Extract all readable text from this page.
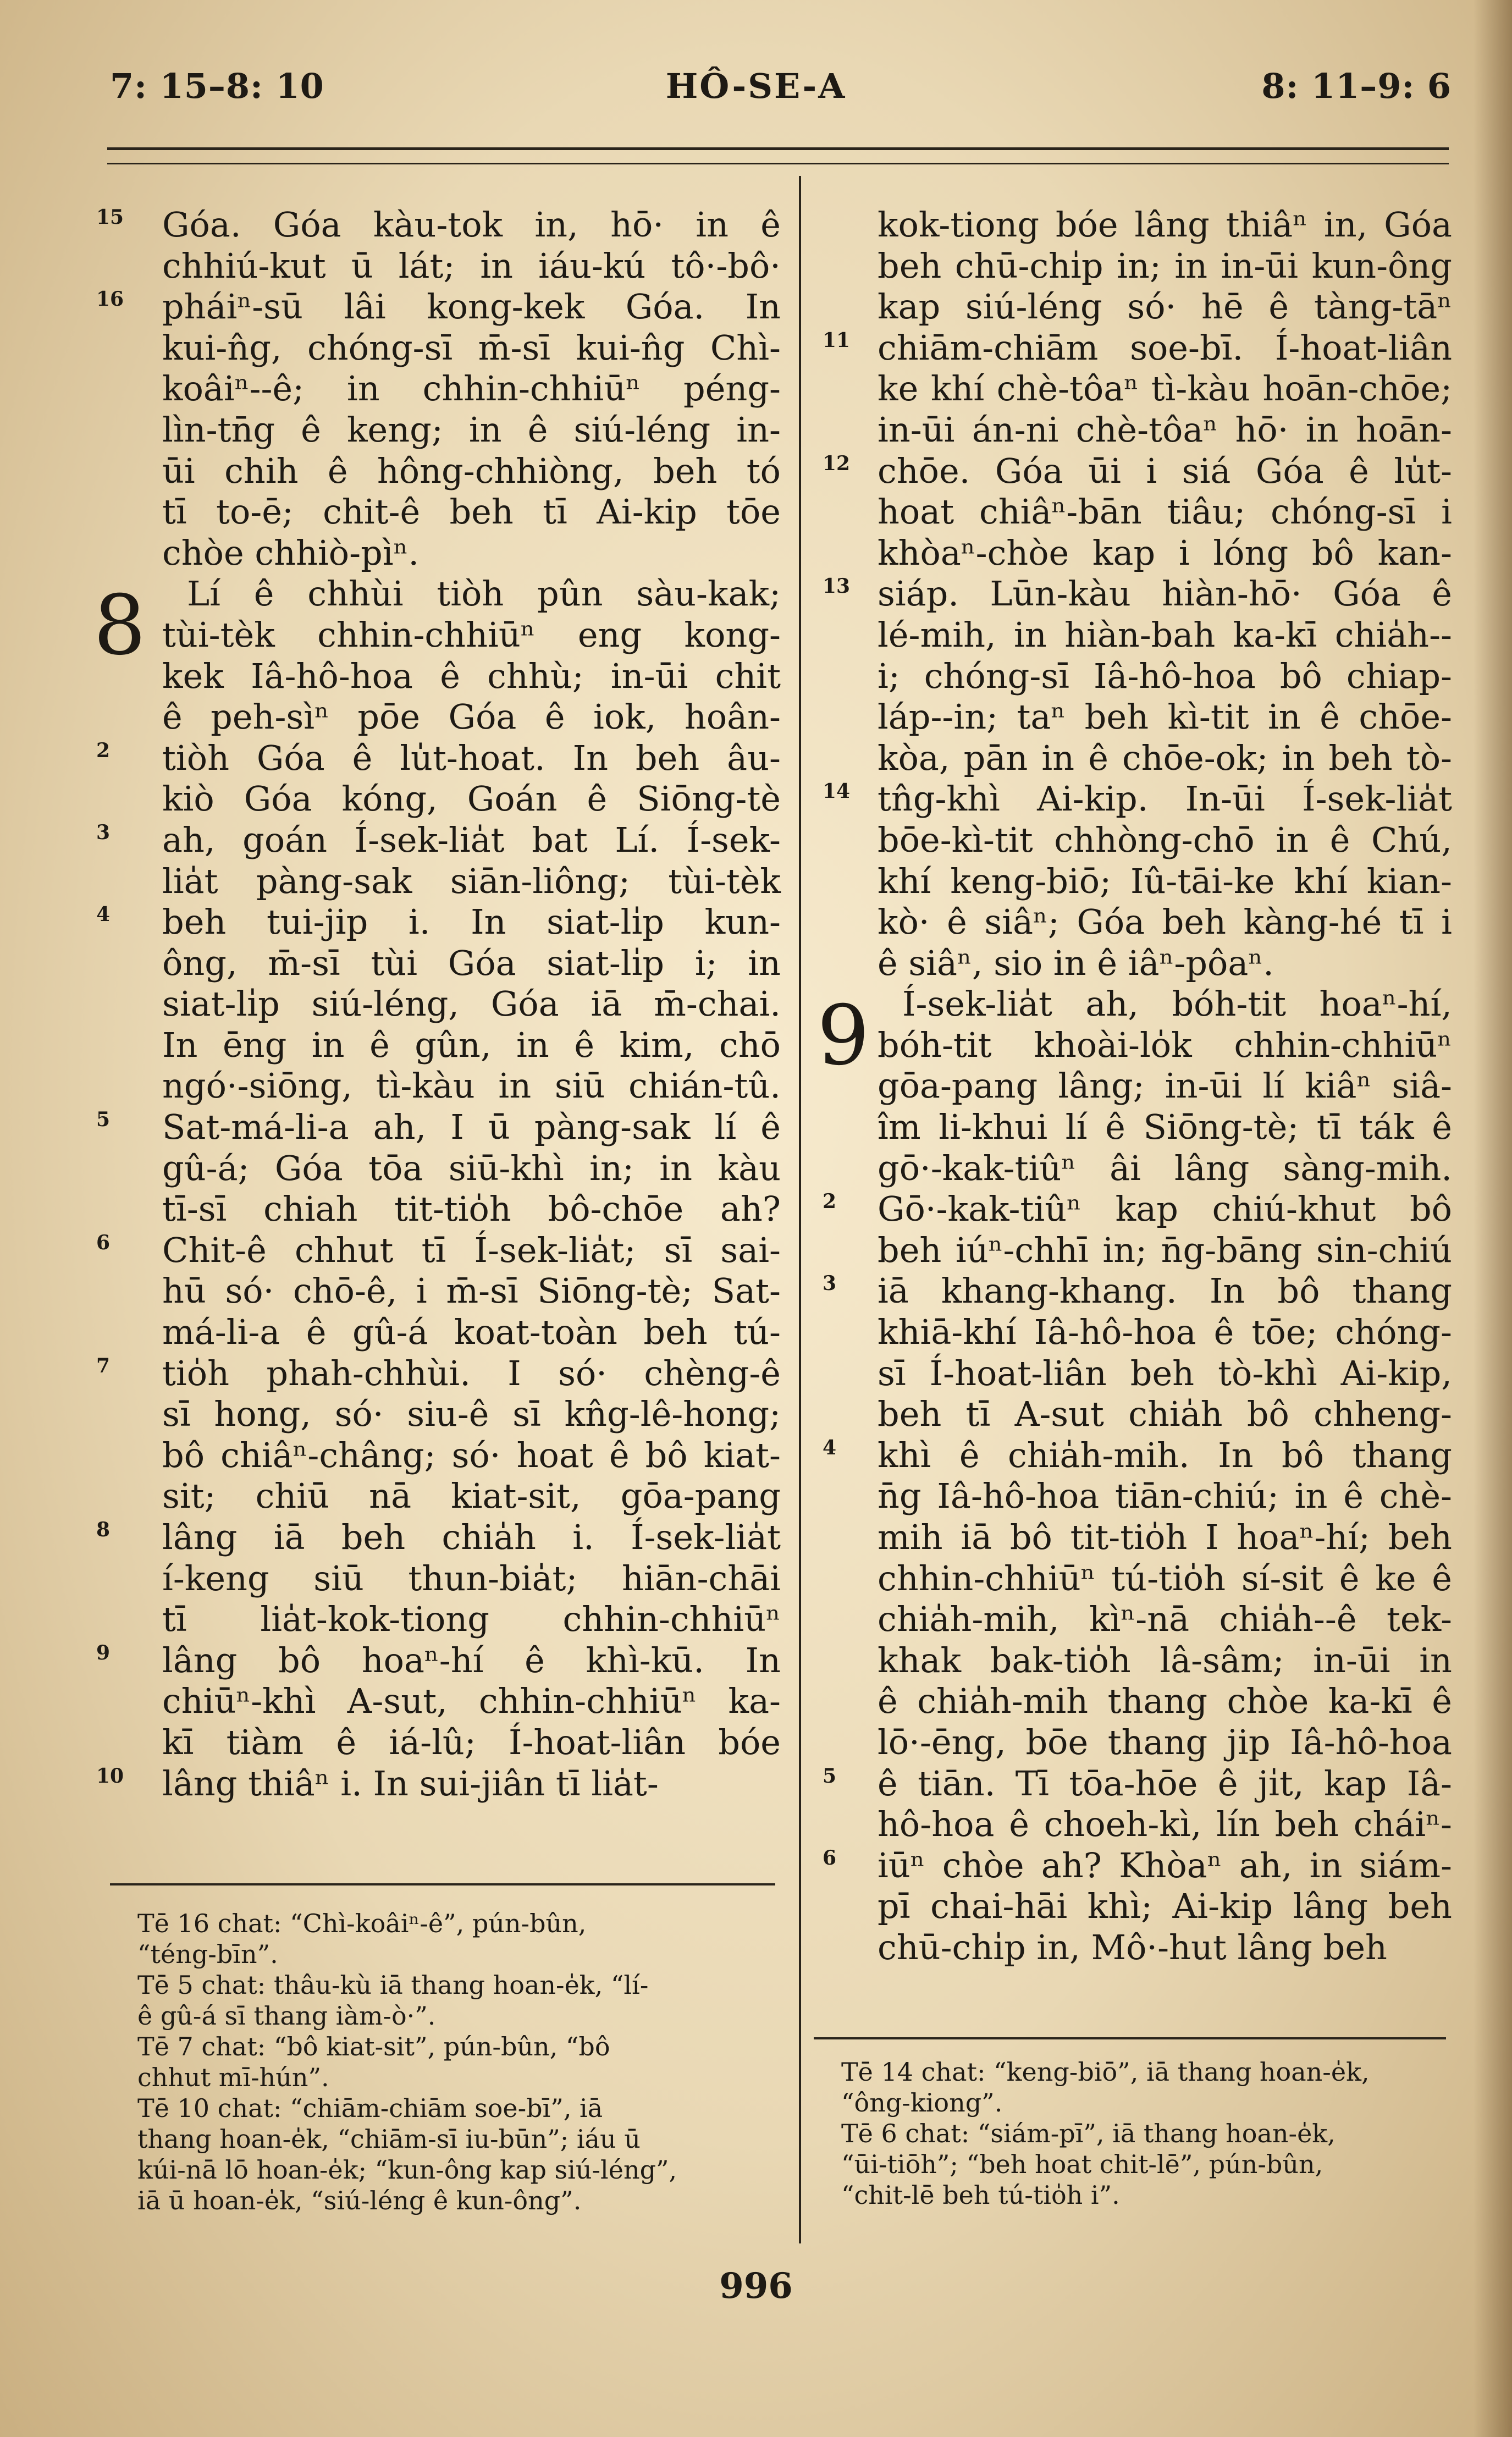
HÔ-SE-A
7: 15–8: 10	8: 11–9: 6
15 Góa. Góa kàu-tok in, hō· in ê
chhiú-kut ū lát; in iáu-kú tô·-bô·
16 pháiⁿ-sū lâi kong-kek Góa. In
kui-n̂g, chóng-sī m̄-sī kui-n̂g Chì-
koâiⁿ--ê; in chhin-chhiūⁿ péng-
lìn-tn̄g ê keng; in ê siú-léng in-
ūi chih ê hông-chhiòng, beh tó
tī to-ē; chit-ê beh tī Ai-kip tōe
chòe chhiò-pìⁿ.
8 Lí ê chhùi tiòh pûn sàu-kak;
tùi-tèk chhin-chhiūⁿ eng kong-
kek Iâ-hô-hoa ê chhù; in-ūi chit
ê peh-sìⁿ pōe Góa ê iok, hoân-
2 tiòh Góa ê lu̍t-hoat. In beh âu-
kiò Góa kóng, Goán ê Siōng-tè
3 ah, goán Í-sek-lia̍t bat Lí. Í-sek-
lia̍t pàng-sak siān-liông; tùi-tèk
4 beh tui-jip i. In siat-li̍p kun-
ông, m̄-sī tùi Góa siat-li̍p i; in
siat-li̍p siú-léng, Góa iā m̄-chai.
In ēng in ê gûn, in ê kim, chō
ngó·-siōng, tì-kàu in siū chián-tû.
5 Sat-má-li-a ah, I ū pàng-sak lí ê
gû-á; Góa tōa siū-khì in; in kàu
tī-sī chiah tit-tio̍h bô-chōe ah?
6 Chit-ê chhut tī Í-sek-lia̍t; sī sai-
hū só· chō-ê, i m̄-sī Siōng-tè; Sat-
má-li-a ê gû-á koat-toàn beh tú-
7 tio̍h phah-chhùi. I só· chèng-ê
sī hong, só· siu-ê sī kn̂g-lê-hong;
bô chiâⁿ-châng; só· hoat ê bô kiat-
sit; chiū nā kiat-sit, gōa-pang
8 lâng iā beh chia̍h i. Í-sek-lia̍t
í-keng siū thun-bia̍t; hiān-chāi
tī lia̍t-kok-tiong chhin-chhiūⁿ
9 lâng bô hoaⁿ-hí ê khì-kū. In
chiūⁿ-khì A-sut, chhin-chhiūⁿ ka-
kī tiàm ê iá-lû; Í-hoat-liân bóe
10 lâng thiâⁿ i. In sui-jiân tī lia̍t-
kok-tiong bóe lâng thiâⁿ in, Góa
beh chū-chi̍p in; in in-ūi kun-ông
kap siú-léng só· hē ê tàng-tāⁿ
11 chiām-chiām soe-bī. Í-hoat-liân
ke khí chè-tôaⁿ tì-kàu hoān-chōe;
in-ūi án-ni chè-tôaⁿ hō· in hoān-
12 chōe. Góa ūi i siá Góa ê lu̍t-
hoat chiâⁿ-bān tiâu; chóng-sī i
khòaⁿ-chòe kap i lóng bô kan-
13 siáp. Lūn-kàu hiàn-hō· Góa ê
lé-mih, in hiàn-bah ka-kī chia̍h--
i; chóng-sī Iâ-hô-hoa bô chiap-
láp--in; taⁿ beh kì-tit in ê chōe-
kòa, pān in ê chōe-ok; in beh tò-
14 tn̂g-khì Ai-kip. In-ūi Í-sek-lia̍t
bōe-kì-tit chhòng-chō in ê Chú,
khí keng-biō; Iû-tāi-ke khí kian-
kò· ê siâⁿ; Góa beh kàng-hé tī i
ê siâⁿ, sio in ê iâⁿ-pôaⁿ.
9 Í-sek-lia̍t ah, bóh-tit hoaⁿ-hí,
bóh-tit khoài-lo̍k chhin-chhiūⁿ
gōa-pang lâng; in-ūi lí kiâⁿ siâ-
îm li-khui lí ê Siōng-tè; tī ták ê
gō·-kak-tiûⁿ âi lâng sàng-mih.
2 Gō·-kak-tiûⁿ kap chiú-khut bô
beh iúⁿ-chhī in; n̄g-bāng sin-chiú
3 iā khang-khang. In bô thang
khiā-khí Iâ-hô-hoa ê tōe; chóng-
sī Í-hoat-liân beh tò-khì Ai-kip,
beh tī A-sut chia̍h bô chheng-
4 khì ê chia̍h-mih. In bô thang
n̄g Iâ-hô-hoa tiān-chiú; in ê chè-
mih iā bô tit-tio̍h I hoaⁿ-hí; beh
chhin-chhiūⁿ tú-tio̍h sí-sit ê ke ê
chia̍h-mih, kìⁿ-nā chia̍h--ê tek-
khak bak-tio̍h lâ-sâm; in-ūi in
ê chia̍h-mih thang chòe ka-kī ê
lō·-ēng, bōe thang jip Iâ-hô-hoa
5 ê tiān. Tī tōa-hōe ê ji̍t, kap Iâ-
hô-hoa ê choeh-kì, lín beh cháiⁿ-
6 iūⁿ chòe ah? Khòaⁿ ah, in siám-
pī chai-hāi khì; Ai-kip lâng beh
chū-chi̍p in, Mô·-hut lâng beh
Tē 16 chat: “Chì-koâiⁿ-ê”, pún-bûn,
“téng-bīn”.
Tē 5 chat: thâu-kù iā thang hoan-e̍k, “lí-
ê gû-á sī thang iàm-ò·”.
Tē 7 chat: “bô kiat-sit”, pún-bûn, “bô
chhut mī-hún”.
Tē 10 chat: “chiām-chiām soe-bī”, iā
thang hoan-e̍k, “chiām-sī iu-būn”; iáu ū
kúi-nā lō hoan-e̍k; “kun-ông kap siú-léng”,
iā ū hoan-e̍k, “siú-léng ê kun-ông”.
Tē 14 chat: “keng-biō”, iā thang hoan-e̍k,
“ông-kiong”.
Tē 6 chat: “siám-pī”, iā thang hoan-e̍k,
“ūi-tiōh”; “beh hoat chit-lē”, pún-bûn,
“chit-lē beh tú-tio̍h i”.
996
